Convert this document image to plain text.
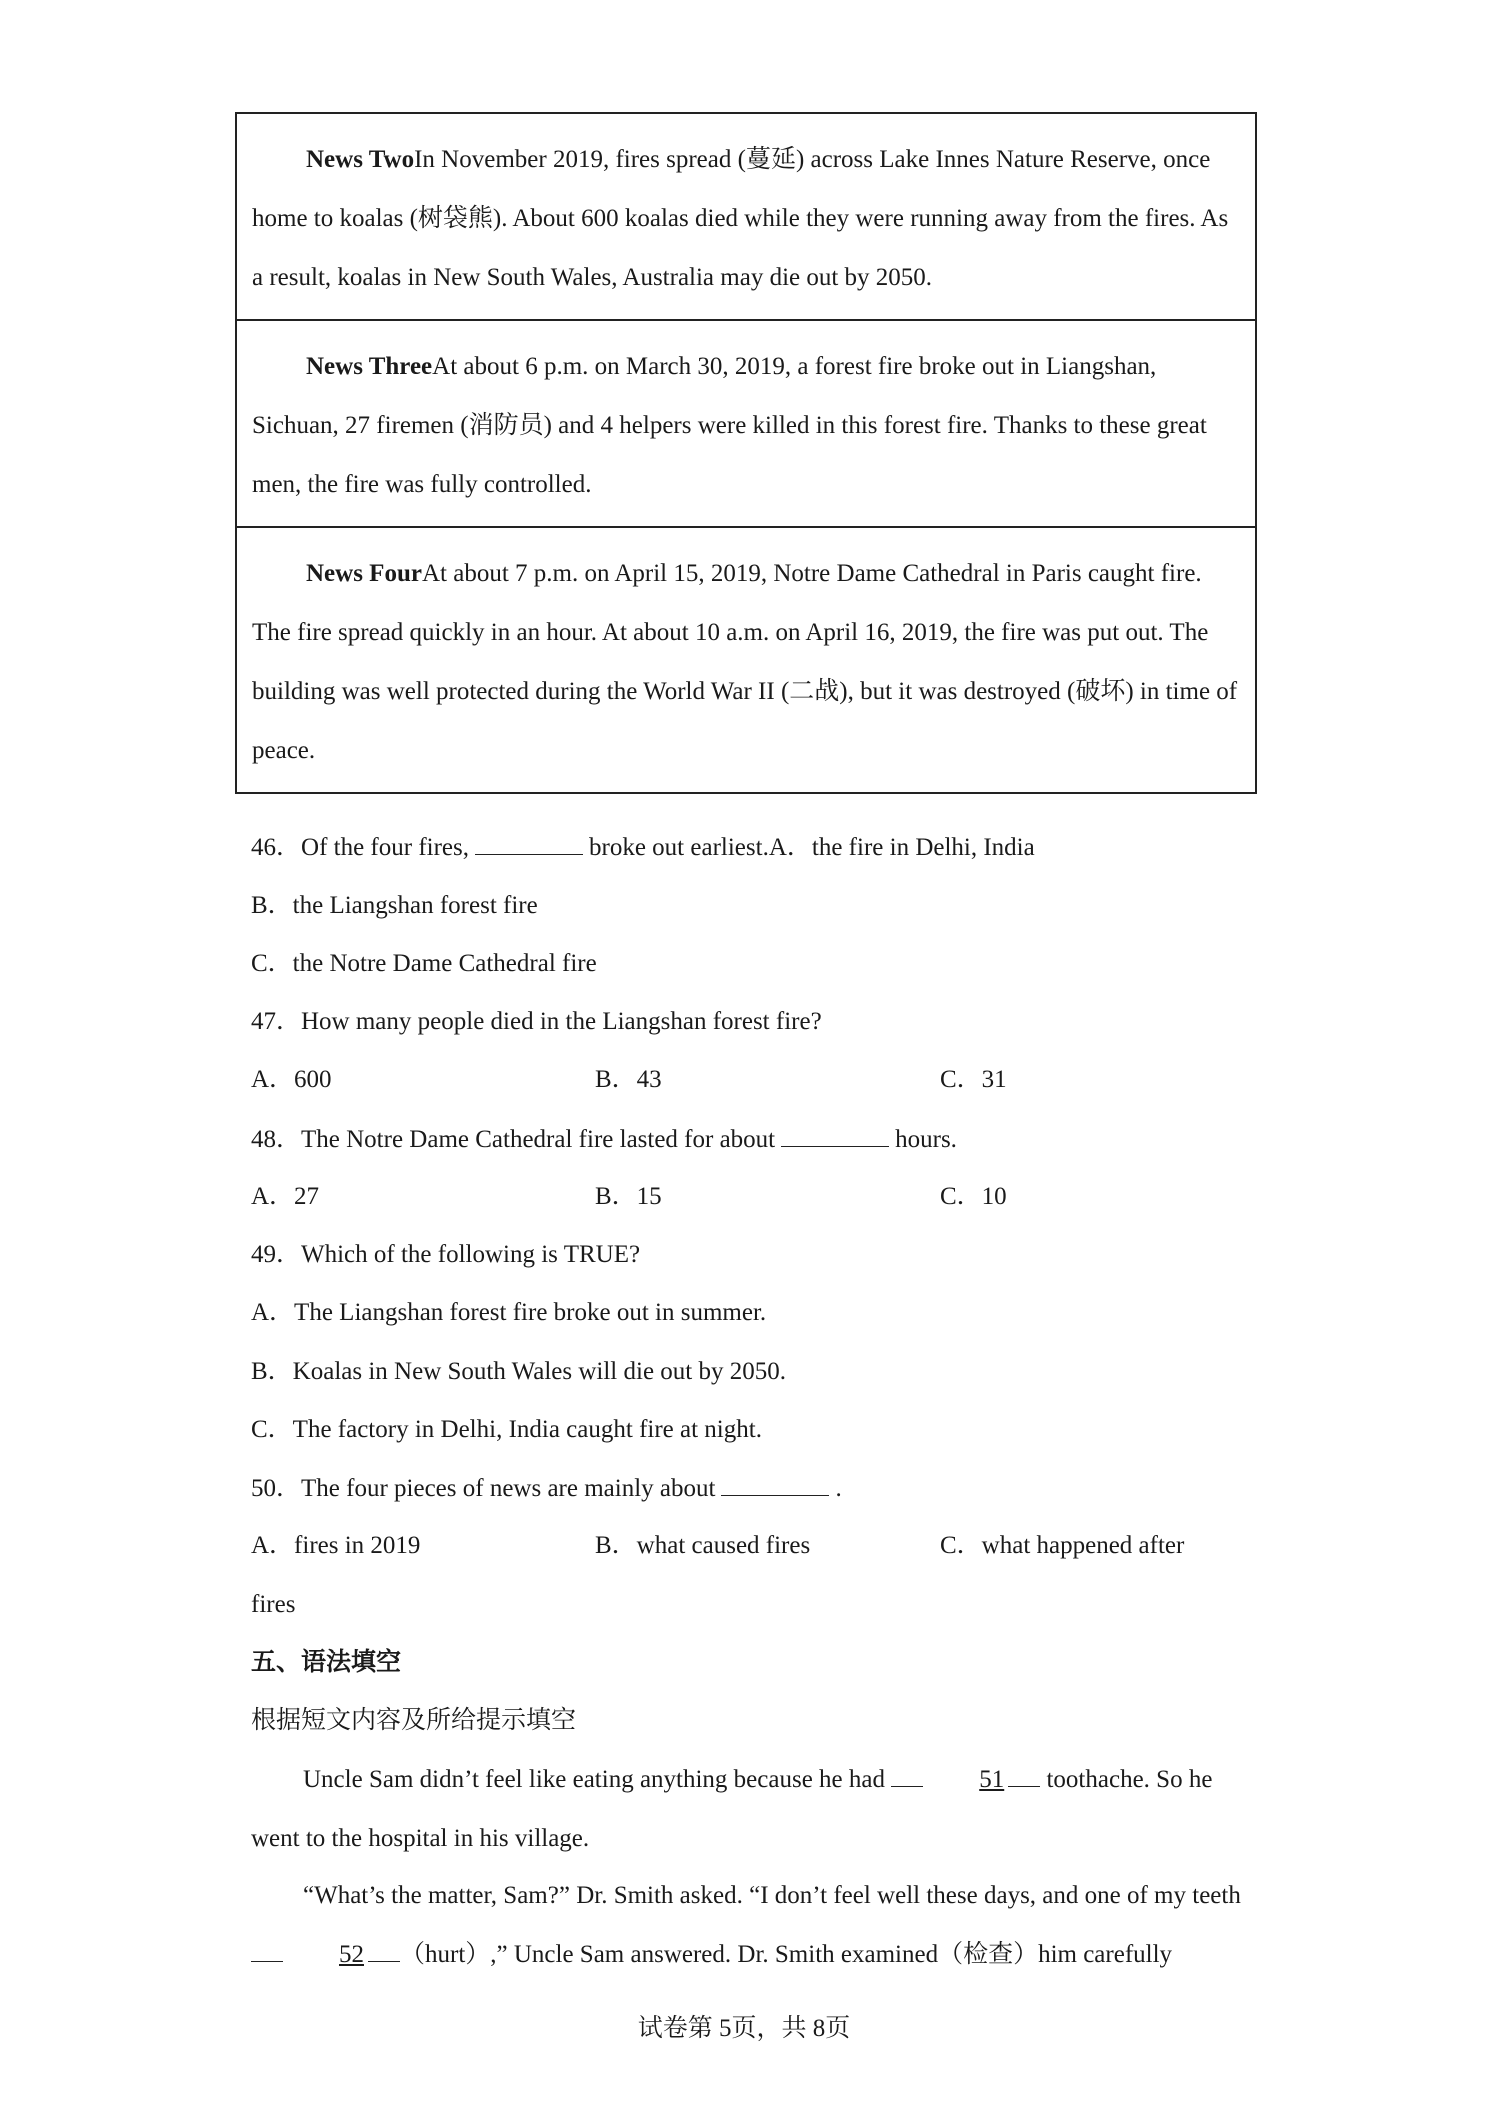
News TwoIn November 2019, fires spread (蔓延) across Lake Innes Nature Reserve, once home to koalas (树袋熊). About 600 koalas died while they were running away from the fires. As a result, koalas in New South Wales, Australia may die out by 2050.
News ThreeAt about 6 p.m. on March 30, 2019, a forest fire broke out in Liangshan, Sichuan, 27 firemen (消防员) and 4 helpers were killed in this forest fire. Thanks to these great men, the fire was fully controlled.
News FourAt about 7 p.m. on April 15, 2019, Notre Dame Cathedral in Paris caught fire. The fire spread quickly in an hour. At about 10 a.m. on April 16, 2019, the fire was put out. The building was well protected during the World War II (二战), but it was destroyed (破坏) in time of peace.
46．Of the four fires,	broke out earliest.A．the fire in Delhi, India
B．the Liangshan forest fire
C．the Notre Dame Cathedral fire
47．How many people died in the Liangshan forest fire?
A．600	B．43	C．31
48．The Notre Dame Cathedral fire lasted for about	hours.
A．27	B．15	C．10
49．Which of the following is TRUE?
A．The Liangshan forest fire broke out in summer.
B．Koalas in New South Wales will die out by 2050.
C．The factory in Delhi, India caught fire at night.
50．The four pieces of news are mainly about	.
A．fires in 2019	B．what caused fires	C．what happened after
fires
五、语法填空
根据短文内容及所给提示填空
Uncle Sam didn’t feel like eating anything because he had	51 toothache. So he went to the hospital in his village.
“What’s the matter, Sam?” Dr. Smith asked. “I don’t feel well these days, and one of my teeth 52 （hurt）,” Uncle Sam answered. Dr. Smith examined（检查）him carefully
试卷第 5页，共 8页
